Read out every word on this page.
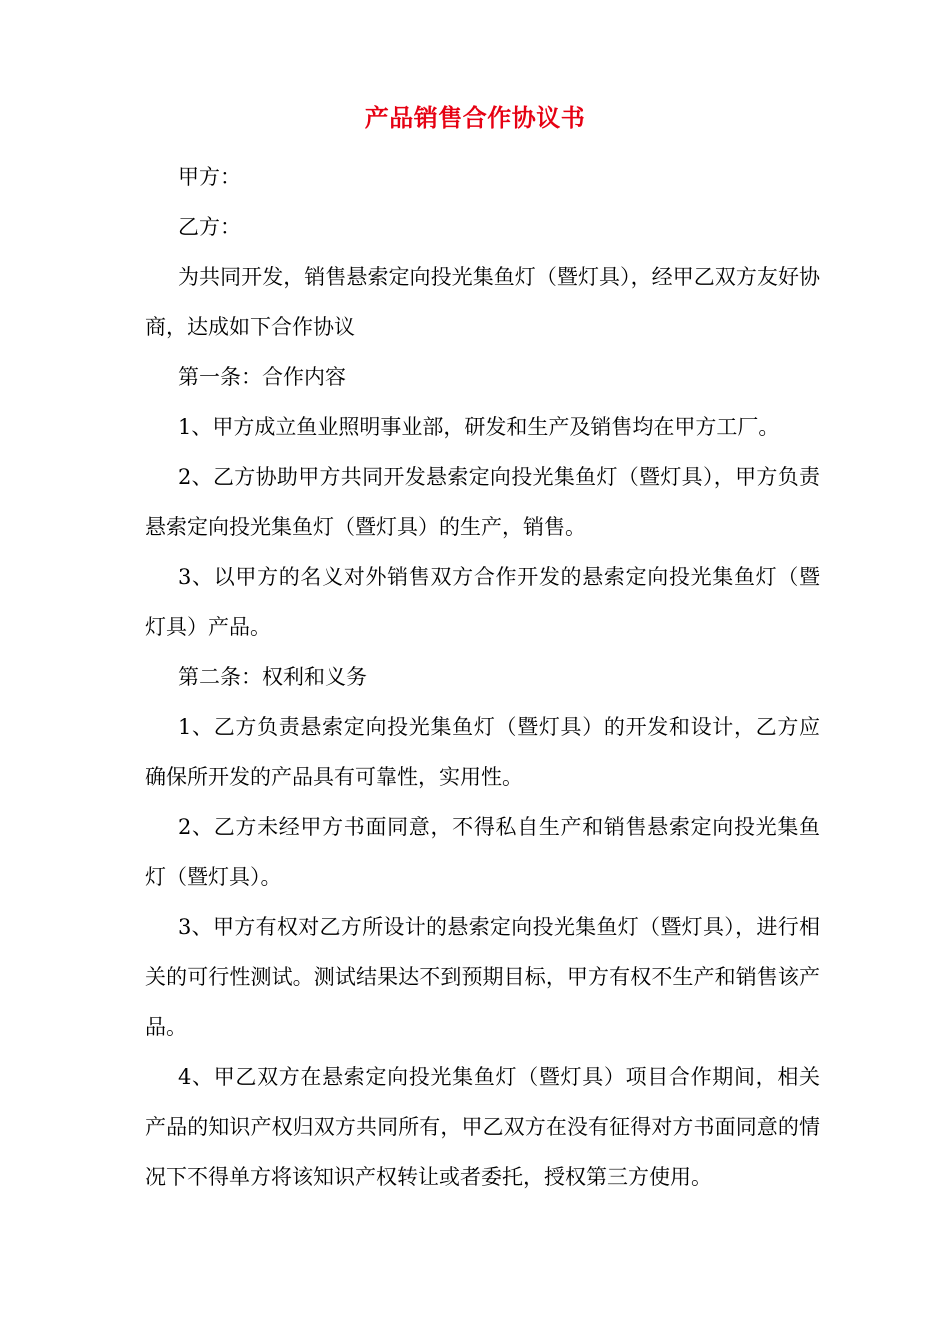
产品销售合作协议书

甲方：

乙方：

为共同开发，销售悬索定向投光集鱼灯（暨灯具），经甲乙双方友好协商，达成如下合作协议

第一条：合作内容

1、甲方成立鱼业照明事业部，研发和生产及销售均在甲方工厂。

2、乙方协助甲方共同开发悬索定向投光集鱼灯（暨灯具），甲方负责悬索定向投光集鱼灯（暨灯具）的生产，销售。

3、以甲方的名义对外销售双方合作开发的悬索定向投光集鱼灯（暨灯具）产品。

第二条：权利和义务

1、乙方负责悬索定向投光集鱼灯（暨灯具）的开发和设计，乙方应确保所开发的产品具有可靠性，实用性。

2、乙方未经甲方书面同意，不得私自生产和销售悬索定向投光集鱼灯（暨灯具）。

3、甲方有权对乙方所设计的悬索定向投光集鱼灯（暨灯具），进行相关的可行性测试。测试结果达不到预期目标，甲方有权不生产和销售该产品。

4、甲乙双方在悬索定向投光集鱼灯（暨灯具）项目合作期间，相关产品的知识产权归双方共同所有，甲乙双方在没有征得对方书面同意的情况下不得单方将该知识产权转让或者委托，授权第三方使用。
